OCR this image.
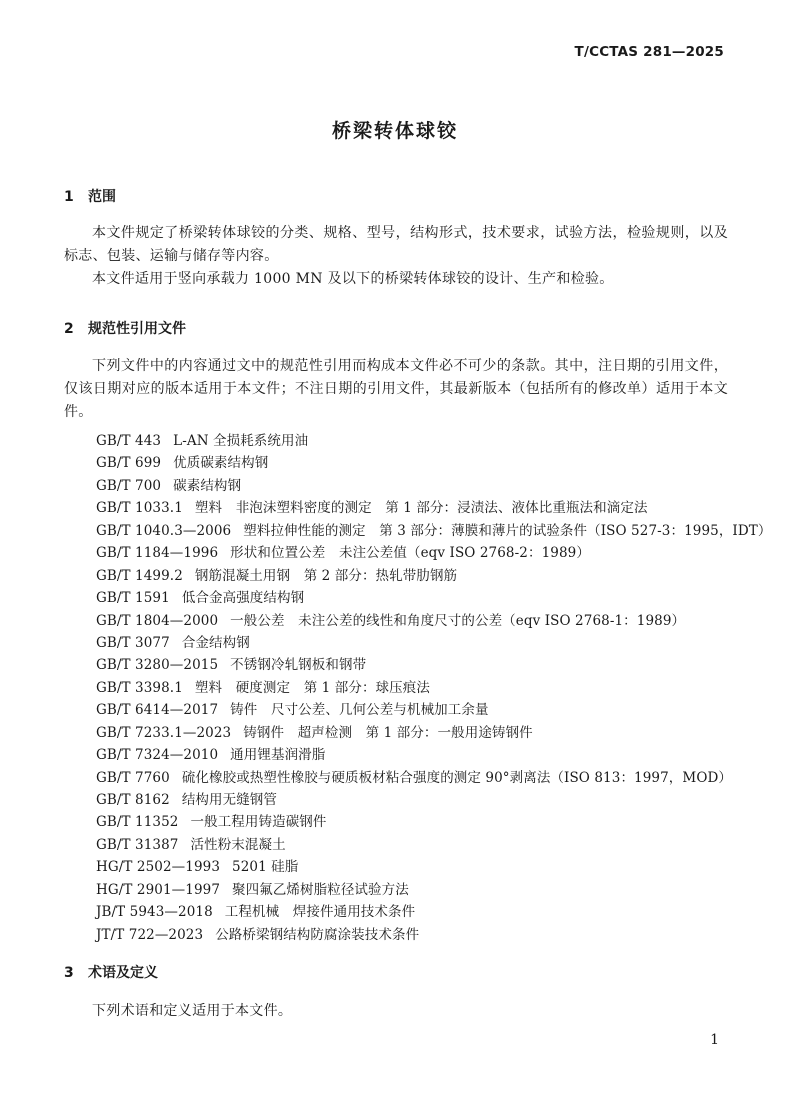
T/CCTAS 281—2025
桥梁转体球铰
1 范围

本文件规定了桥梁转体球铰的分类、规格、型号，结构形式，技术要求，试验方法，检验规则，以及标志、包装、运输与储存等内容。

本文件适用于竖向承载力 1000 MN 及以下的桥梁转体球铰的设计、生产和检验。

2 规范性引用文件

下列文件中的内容通过文中的规范性引用而构成本文件必不可少的条款。其中，注日期的引用文件，仅该日期对应的版本适用于本文件；不注日期的引用文件，其最新版本（包括所有的修改单）适用于本文件。

GB/T 443 L-AN 全损耗系统用油
GB/T 699 优质碳素结构钢
GB/T 700 碳素结构钢
GB/T 1033.1 塑料　非泡沫塑料密度的测定　第 1 部分：浸渍法、液体比重瓶法和滴定法
GB/T 1040.3—2006 塑料拉伸性能的测定　第 3 部分：薄膜和薄片的试验条件（ISO 527-3：1995，IDT）
GB/T 1184—1996 形状和位置公差　未注公差值（eqv ISO 2768-2：1989）
GB/T 1499.2 钢筋混凝土用钢　第 2 部分：热轧带肋钢筋
GB/T 1591 低合金高强度结构钢
GB/T 1804—2000 一般公差　未注公差的线性和角度尺寸的公差（eqv ISO 2768-1：1989）
GB/T 3077 合金结构钢
GB/T 3280—2015 不锈钢冷轧钢板和钢带
GB/T 3398.1 塑料　硬度测定　第 1 部分：球压痕法
GB/T 6414—2017 铸件　尺寸公差、几何公差与机械加工余量
GB/T 7233.1—2023 铸钢件　超声检测　第 1 部分：一般用途铸钢件
GB/T 7324—2010 通用锂基润滑脂
GB/T 7760 硫化橡胶或热塑性橡胶与硬质板材粘合强度的测定 90°剥离法（ISO 813：1997，MOD）
GB/T 8162 结构用无缝钢管
GB/T 11352 一般工程用铸造碳钢件
GB/T 31387 活性粉末混凝土
HG/T 2502—1993 5201 硅脂
HG/T 2901—1997 聚四氟乙烯树脂粒径试验方法
JB/T 5943—2018 工程机械　焊接件通用技术条件
JT/T 722—2023 公路桥梁钢结构防腐涂装技术条件
3 术语及定义

下列术语和定义适用于本文件。

1
